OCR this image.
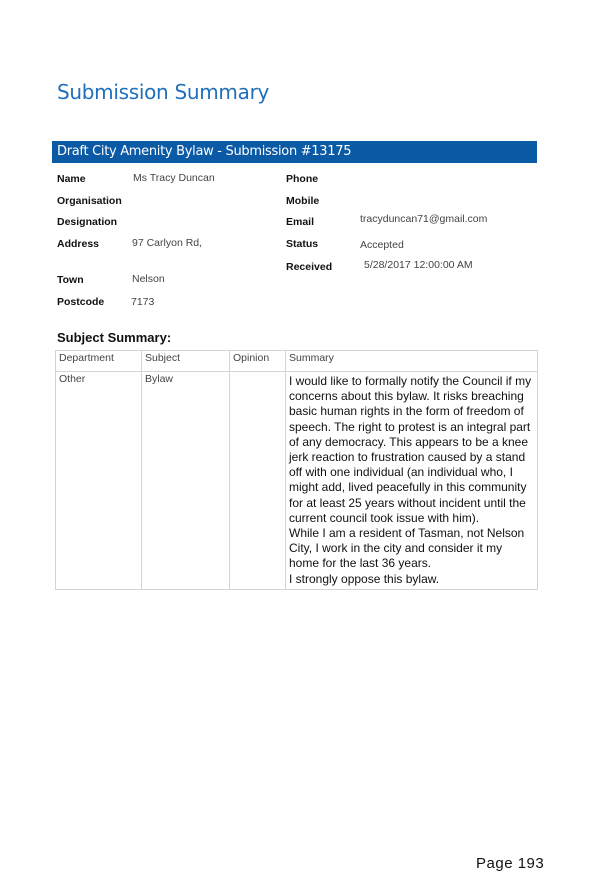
Submission Summary
Draft City Amenity Bylaw - Submission #13175
Name	Ms Tracy Duncan
Organisation
Designation
Address	97 Carlyon Rd,
Town	Nelson
Postcode	7173
Phone
Mobile
Email	tracyduncan71@gmail.com
Status	Accepted
Received	5/28/2017 12:00:00 AM
Subject Summary:
Department	Subject	Opinion	Summary
Other	Bylaw		I would like to formally notify the Council if my concerns about this bylaw. It risks breaching basic human rights in the form of freedom of speech. The right to protest is an integral part of any democracy. This appears to be a knee jerk reaction to frustration caused by a stand off with one individual (an individual who, I might add, lived peacefully in this community for at least 25 years without incident until the current council took issue with him).
While I am a resident of Tasman, not Nelson City, I work in the city and consider it my home for the last 36 years.
I strongly oppose this bylaw.
Page 193
